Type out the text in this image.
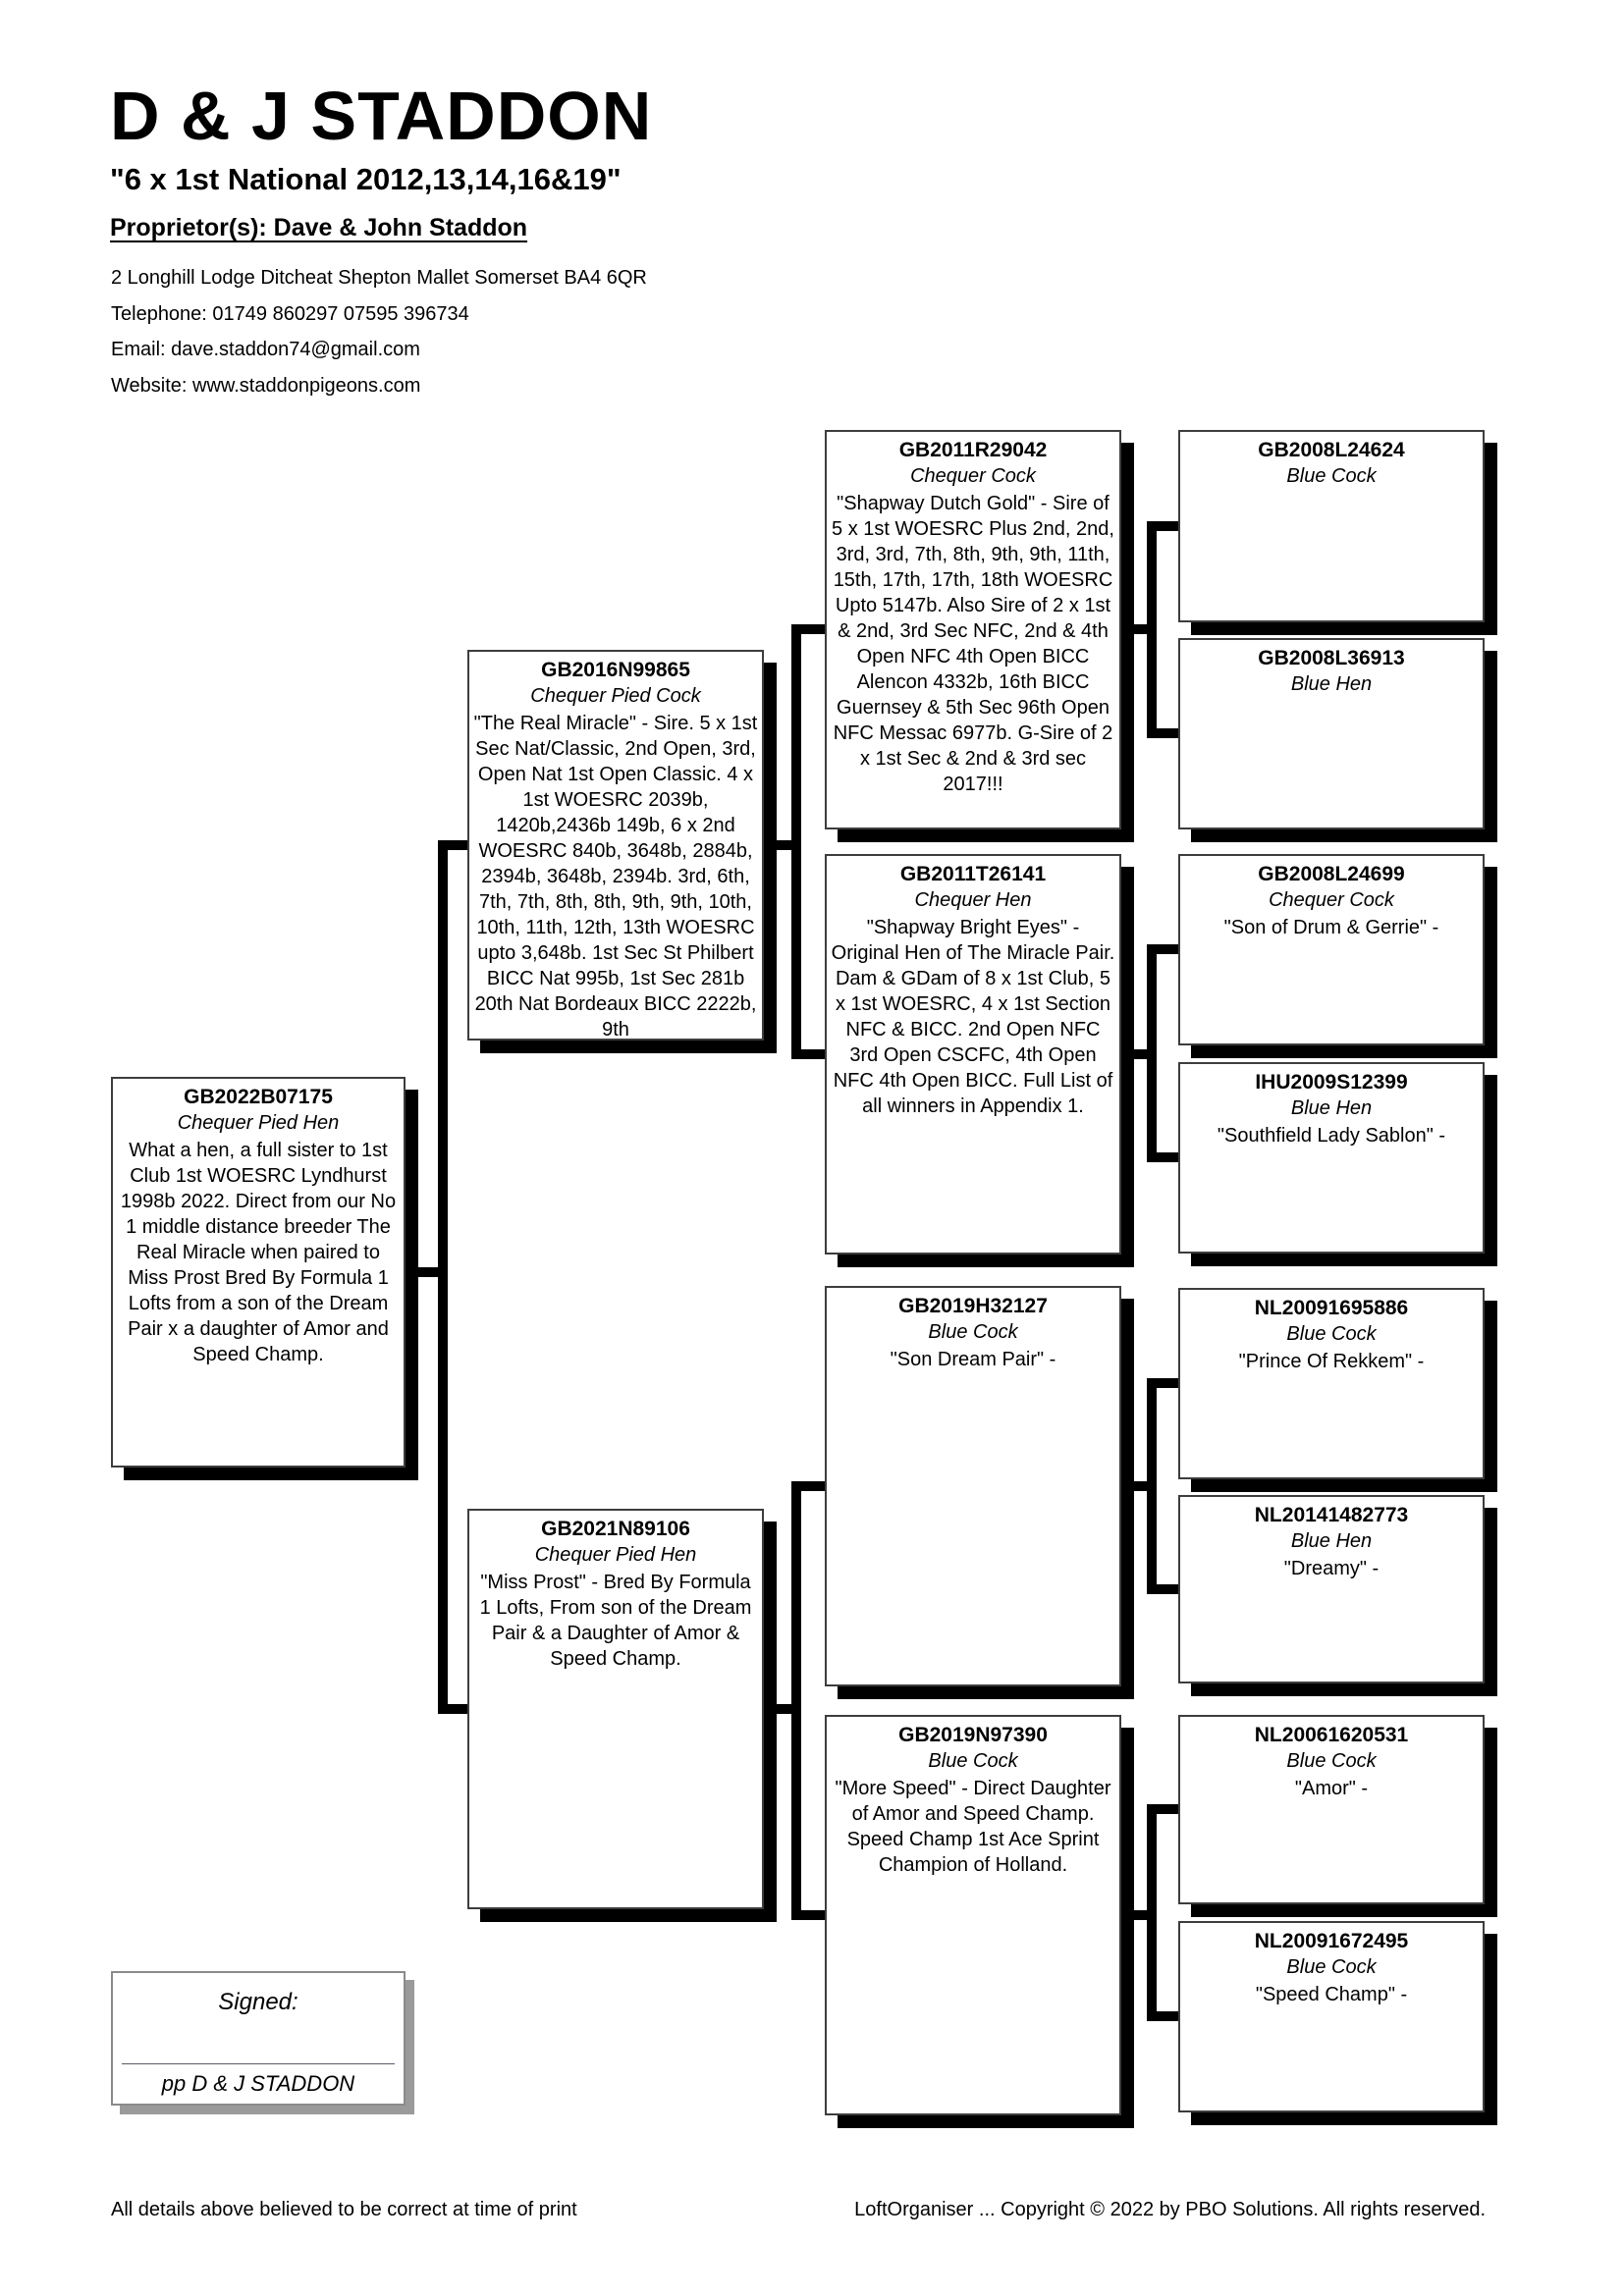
D & J STADDON
"6 x 1st National 2012,13,14,16&19"
Proprietor(s): Dave & John Staddon
2 Longhill Lodge Ditcheat Shepton Mallet Somerset BA4 6QR
Telephone: 01749 860297 07595 396734
Email: dave.staddon74@gmail.com
Website: www.staddonpigeons.com
GB2022B07175
Chequer Pied Hen
What a hen, a full sister to 1st Club 1st WOESRC Lyndhurst 1998b 2022. Direct from our No 1 middle distance breeder The Real Miracle when paired to Miss Prost Bred By Formula 1 Lofts from a son of the Dream Pair x a daughter of Amor and Speed Champ.
GB2016N99865
Chequer Pied Cock
"The Real Miracle" - Sire. 5 x 1st Sec Nat/Classic, 2nd Open, 3rd, Open Nat 1st Open Classic. 4 x 1st WOESRC 2039b, 1420b,2436b 149b, 6 x 2nd WOESRC 840b, 3648b, 2884b, 2394b, 3648b, 2394b. 3rd, 6th, 7th, 7th, 8th, 8th, 9th, 9th, 10th, 10th, 11th, 12th, 13th WOESRC upto 3,648b. 1st Sec St Philbert BICC Nat 995b, 1st Sec 281b 20th Nat Bordeaux BICC 2222b, 9th
GB2021N89106
Chequer Pied Hen
"Miss Prost" - Bred By Formula 1 Lofts, From son of the Dream Pair & a Daughter of Amor & Speed Champ.
GB2011R29042
Chequer Cock
"Shapway Dutch Gold" - Sire of 5 x 1st WOESRC Plus 2nd, 2nd, 3rd, 3rd, 7th, 8th, 9th, 9th, 11th, 15th, 17th, 17th, 18th WOESRC Upto 5147b. Also Sire of 2 x 1st & 2nd, 3rd Sec NFC, 2nd & 4th Open NFC 4th Open BICC Alencon 4332b, 16th BICC Guernsey & 5th Sec 96th Open NFC Messac 6977b. G-Sire of 2 x 1st Sec & 2nd & 3rd sec 2017!!!
GB2011T26141
Chequer Hen
"Shapway Bright Eyes" - Original Hen of The Miracle Pair. Dam & GDam of 8 x 1st Club, 5 x 1st WOESRC, 4 x 1st Section NFC & BICC. 2nd Open NFC 3rd Open CSCFC, 4th Open NFC 4th Open BICC. Full List of all winners in Appendix 1.
GB2019H32127
Blue Cock
"Son Dream Pair" -
GB2019N97390
Blue Cock
"More Speed" - Direct Daughter of Amor and Speed Champ. Speed Champ 1st Ace Sprint Champion of Holland.
GB2008L24624
Blue Cock
GB2008L36913
Blue Hen
GB2008L24699
Chequer Cock
"Son of Drum & Gerrie" -
IHU2009S12399
Blue Hen
"Southfield Lady Sablon" -
NL20091695886
Blue Cock
"Prince Of Rekkem" -
NL20141482773
Blue Hen
"Dreamy" -
NL20061620531
Blue Cock
"Amor" -
NL20091672495
Blue Cock
"Speed Champ" -
Signed:
pp D & J STADDON
All details above believed to be correct at time of print	LoftOrganiser ... Copyright © 2022 by PBO Solutions. All rights reserved.
